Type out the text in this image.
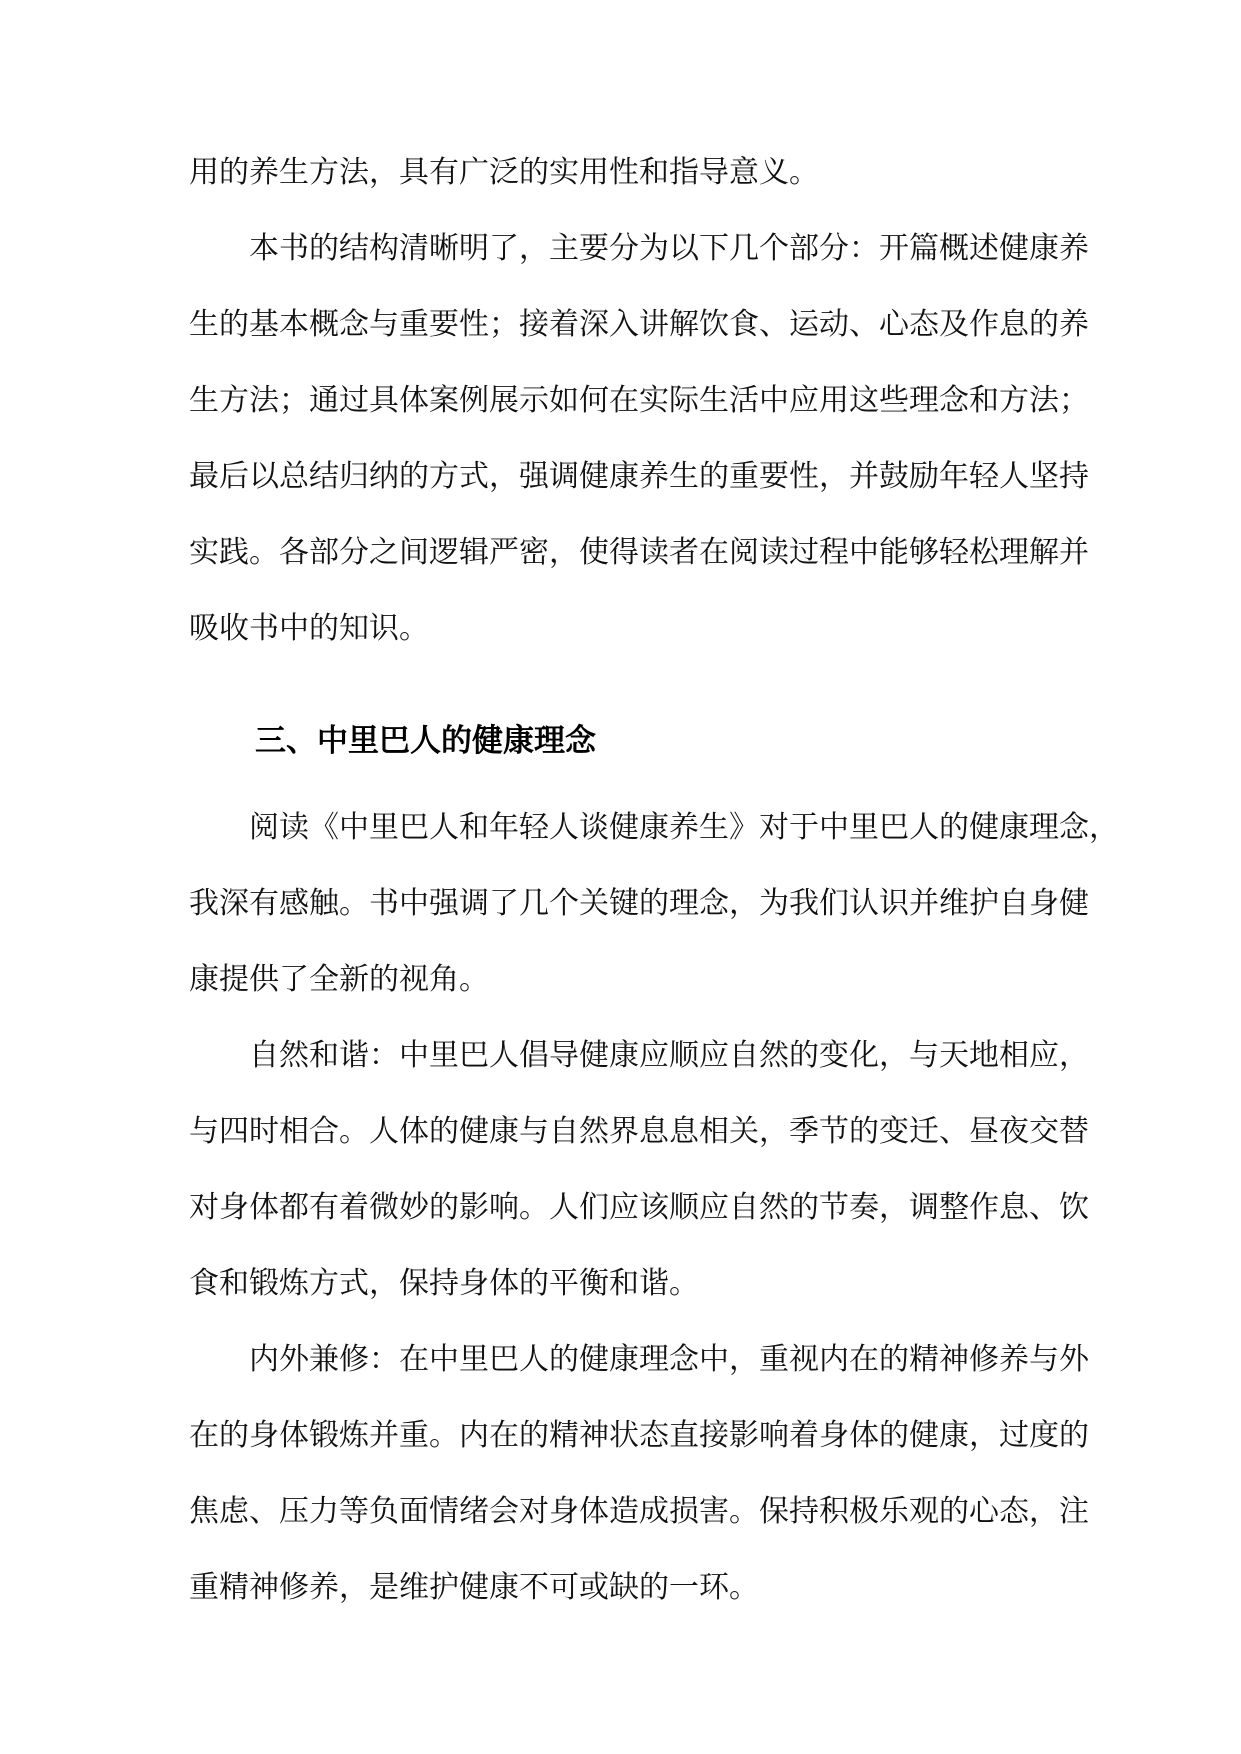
用的养生方法，具有广泛的实用性和指导意义。

本书的结构清晰明了，主要分为以下几个部分：开篇概述健康养

生的基本概念与重要性；接着深入讲解饮食、运动、心态及作息的养

生方法；通过具体案例展示如何在实际生活中应用这些理念和方法；

最后以总结归纳的方式，强调健康养生的重要性，并鼓励年轻人坚持

实践。各部分之间逻辑严密，使得读者在阅读过程中能够轻松理解并

吸收书中的知识。

三、中里巴人的健康理念

阅读《中里巴人和年轻人谈健康养生》对于中里巴人的健康理念，

我深有感触。书中强调了几个关键的理念，为我们认识并维护自身健

康提供了全新的视角。

自然和谐：中里巴人倡导健康应顺应自然的变化，与天地相应，

与四时相合。人体的健康与自然界息息相关，季节的变迁、昼夜交替

对身体都有着微妙的影响。人们应该顺应自然的节奏，调整作息、饮

食和锻炼方式，保持身体的平衡和谐。

内外兼修：在中里巴人的健康理念中，重视内在的精神修养与外

在的身体锻炼并重。内在的精神状态直接影响着身体的健康，过度的

焦虑、压力等负面情绪会对身体造成损害。保持积极乐观的心态，注

重精神修养，是维护健康不可或缺的一环。
